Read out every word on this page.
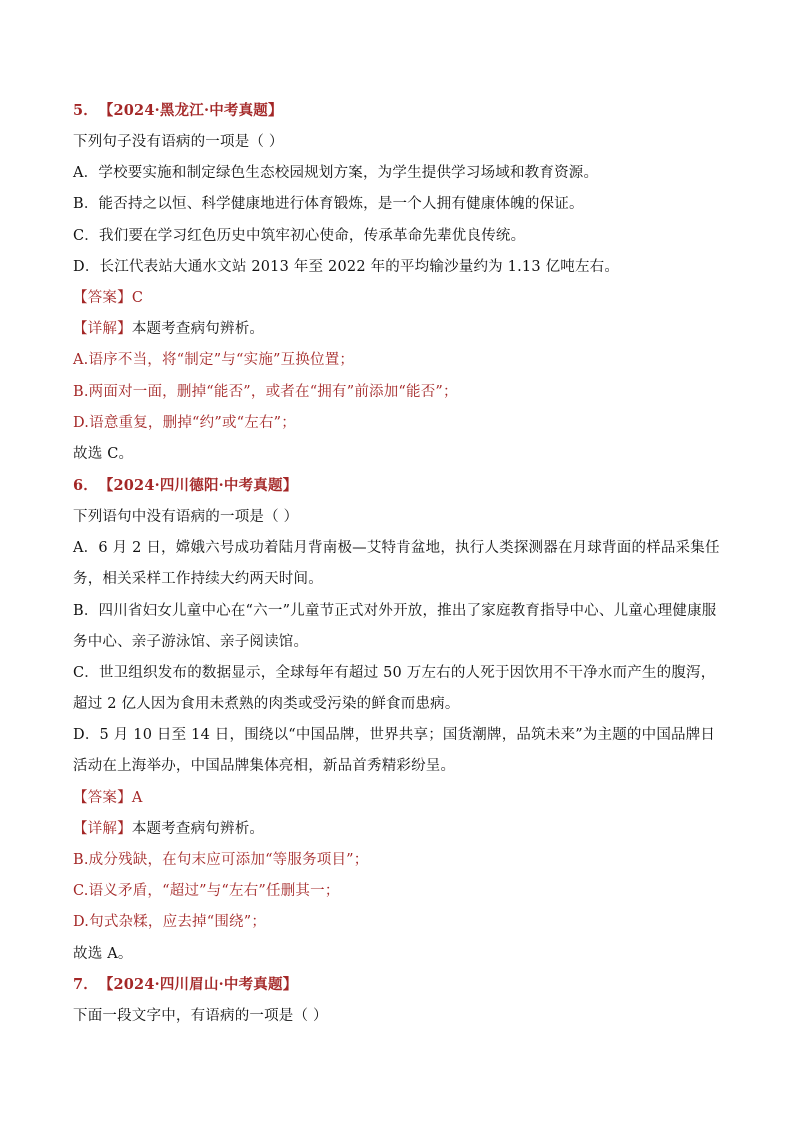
5． 【2024·黑龙江·中考真题】
下列句子没有语病的一项是（ ）
A．学校要实施和制定绿色生态校园规划方案，为学生提供学习场域和教育资源。
B．能否持之以恒、科学健康地进行体育锻炼，是一个人拥有健康体魄的保证。
C．我们要在学习红色历史中筑牢初心使命，传承革命先辈优良传统。
D．长江代表站大通水文站 2013 年至 2022 年的平均输沙量约为 1.13 亿吨左右。
【答案】C
【详解】本题考查病句辨析。
A.语序不当，将“制定”与“实施”互换位置；
B.两面对一面，删掉“能否”，或者在“拥有”前添加“能否”；
D.语意重复，删掉“约”或“左右”；
故选 C。
6． 【2024·四川德阳·中考真题】
下列语句中没有语病的一项是（ ）
A．6 月 2 日，嫦娥六号成功着陆月背南极—艾特肯盆地，执行人类探测器在月球背面的样品采集任务，相关采样工作持续大约两天时间。
B．四川省妇女儿童中心在“六一”儿童节正式对外开放，推出了家庭教育指导中心、儿童心理健康服务中心、亲子游泳馆、亲子阅读馆。
C．世卫组织发布的数据显示，全球每年有超过 50 万左右的人死于因饮用不干净水而产生的腹泻，超过 2 亿人因为食用未煮熟的肉类或受污染的鲜食而患病。
D．5 月 10 日至 14 日，围绕以“中国品牌，世界共享；国货潮牌，品筑未来”为主题的中国品牌日活动在上海举办，中国品牌集体亮相，新品首秀精彩纷呈。
【答案】A
【详解】本题考查病句辨析。
B.成分残缺，在句末应可添加“等服务项目”；
C.语义矛盾，“超过”与“左右”任删其一；
D.句式杂糅，应去掉“围绕”；
故选 A。
7． 【2024·四川眉山·中考真题】
下面一段文字中，有语病的一项是（ ）
